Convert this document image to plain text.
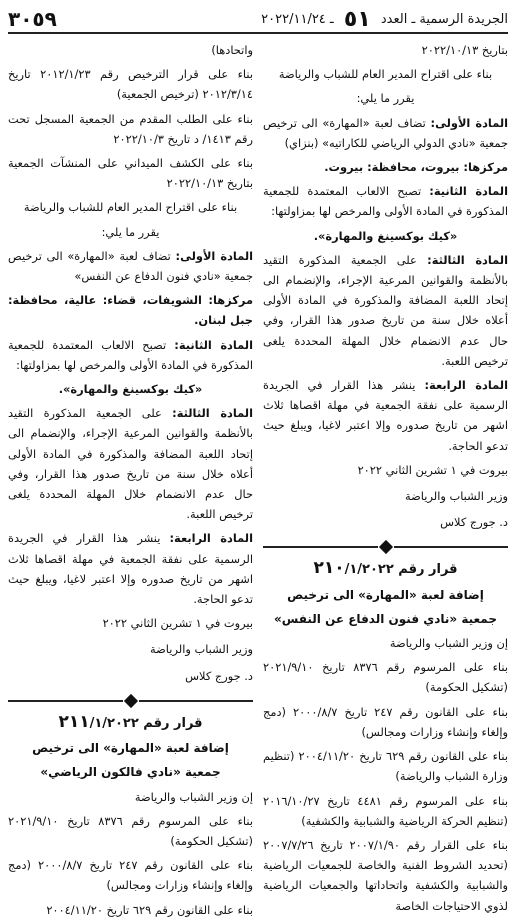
الجريدة الرسمية ـ العدد ٥١ ـ ٢٠٢٢/١١/٢٤
٣٠٥٩

بتاريخ ٢٠٢٢/١٠/١٣

بناء على اقتراح المدير العام للشباب والرياضة

يقرر ما يلي:

المادة الأولى: تضاف لعبة «المهارة» الى ترخيص جمعية «نادي الدولي الرياضي للكاراتيه» (بنزاي)

مركزها: بيروت، محافظة: بيروت.

المادة الثانية: تصبح الالعاب المعتمدة للجمعية المذكورة في المادة الأولى والمرخص لها بمزاولتها:

«كيك بوكسينغ والمهارة».

المادة الثالثة: على الجمعية المذكورة التقيد بالأنظمة والقوانين المرعية الإجراء، والإنضمام الى إتحاد اللعبة المضافة والمذكورة في المادة الأولى أعلاه خلال سنة من تاريخ صدور هذا القرار، وفي حال عدم الانضمام خلال المهلة المحددة يلغى ترخيص اللعبة.

المادة الرابعة: ينشر هذا القرار في الجريدة الرسمية على نفقة الجمعية في مهلة اقصاها ثلاث اشهر من تاريخ صدوره وإلا اعتبر لاغيا، ويبلغ حيث تدعو الحاجة.

بيروت في ١ تشرين الثاني ٢٠٢٢

وزير الشباب والرياضة

د. جورج كلاس

قرار رقم ٢١٠/١/٢٠٢٢

إضافة لعبة «المهارة» الى ترخيص

جمعية «نادي فنون الدفاع عن النفس»

إن وزير الشباب والرياضة

بناء على المرسوم رقم ٨٣٧٦ تاريخ ٢٠٢١/٩/١٠ (تشكيل الحكومة)

بناء على القانون رقم ٢٤٧ تاريخ ٢٠٠٠/٨/٧ (دمج وإلغاء وإنشاء وزارات ومجالس)

بناء على القانون رقم ٦٢٩ تاريخ ٢٠٠٤/١١/٢٠ (تنظيم وزارة الشباب والرياضة)

بناء على المرسوم رقم ٤٤٨١ تاريخ ٢٠١٦/١٠/٢٧ (تنظيم الحركة الرياضية والشبابية والكشفية)

بناء على القرار رقم ٢٠٠٧/١/٩٠ تاريخ ٢٠٠٧/٧/٢٦ (تحديد الشروط الفنية والخاصة للجمعيات الرياضية والشبابية والكشفية واتحاداتها والجمعيات الرياضية لذوي الاحتياجات الخاصة

واتحادها)

بناء على قرار الترخيص رقم ٢٠١٢/١/٢٣ تاريخ ٢٠١٢/٣/١٤ (ترخيص الجمعية)

بناء على الطلب المقدم من الجمعية المسجل تحت رقم ١٤١٣/ د تاريخ ٢٠٢٢/١٠/٣

بناء على الكشف الميداني على المنشآت الجمعية بتاريخ ٢٠٢٢/١٠/١٣

بناء على اقتراح المدير العام للشباب والرياضة

يقرر ما يلي:

المادة الأولى: تضاف لعبة «المهارة» الى ترخيص جمعية «نادي فنون الدفاع عن النفس»

مركزها: الشويفات، قضاء: عالية، محافظة: جبل لبنان.

المادة الثانية: تصبح الالعاب المعتمدة للجمعية المذكورة في المادة الأولى والمرخص لها بمزاولتها:

«كيك بوكسينغ والمهارة».

المادة الثالثة: على الجمعية المذكورة التقيد بالأنظمة والقوانين المرعية الإجراء، والإنضمام الى إتحاد اللعبة المضافة والمذكورة في المادة الأولى أعلاه خلال سنة من تاريخ صدور هذا القرار، وفي حال عدم الانضمام خلال المهلة المحددة يلغى ترخيص اللعبة.

المادة الرابعة: ينشر هذا القرار في الجريدة الرسمية على نفقة الجمعية في مهلة اقصاها ثلاث اشهر من تاريخ صدوره وإلا اعتبر لاغيا، ويبلغ حيث تدعو الحاجة.

بيروت في ١ تشرين الثاني ٢٠٢٢

وزير الشباب والرياضة

د. جورج كلاس

قرار رقم ٢١١/١/٢٠٢٢

إضافة لعبة «المهارة» الى ترخيص

جمعية «نادي فالكون الرياضي»

إن وزير الشباب والرياضة

بناء على المرسوم رقم ٨٣٧٦ تاريخ ٢٠٢١/٩/١٠ (تشكيل الحكومة)

بناء على القانون رقم ٢٤٧ تاريخ ٢٠٠٠/٨/٧ (دمج وإلغاء وإنشاء وزارات ومجالس)

بناء على القانون رقم ٦٢٩ تاريخ ٢٠٠٤/١١/٢٠
